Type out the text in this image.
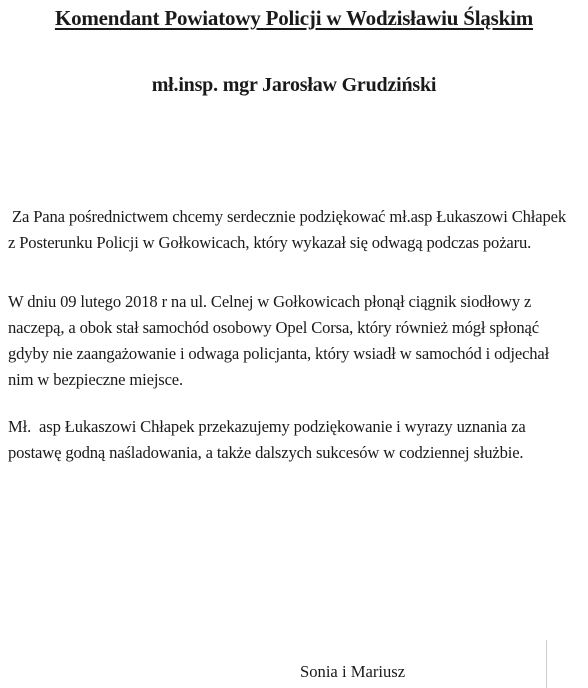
Komendant Powiatowy Policji w Wodzisławiu Śląskim
mł.insp. mgr Jarosław Grudziński
Za Pana pośrednictwem chcemy serdecznie podziękować mł.asp Łukaszowi Chłapek z Posterunku Policji w Gołkowicach, który wykazał się odwagą podczas pożaru.
W dniu 09 lutego 2018 r na ul. Celnej w Gołkowicach płonął ciągnik siodłowy z naczepą, a obok stał samochód osobowy Opel Corsa, który również mógł spłonąć gdyby nie zaangażowanie i odwaga policjanta, który wsiadł w samochód i odjechał nim w bezpieczne miejsce.
Mł.  asp Łukaszowi Chłapek przekazujemy podziękowanie i wyrazy uznania za postawę godną naśladowania, a także dalszych sukcesów w codziennej służbie.
Sonia i Mariusz
